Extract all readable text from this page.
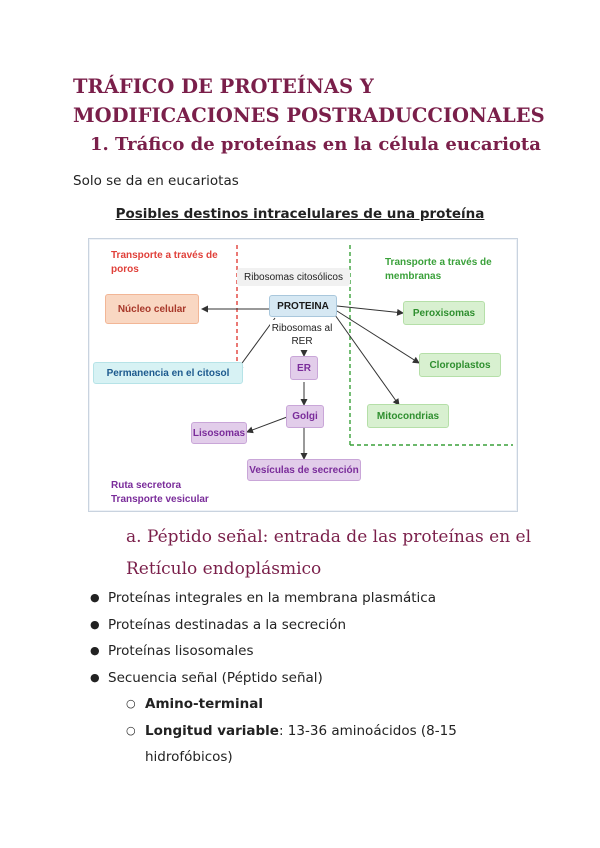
TRÁFICO DE PROTEÍNAS Y
MODIFICACIONES POSTRADUCCIONALES
1. Tráfico de proteínas en la célula eucariota

Solo se da en eucariotas

Posibles destinos intracelulares de una proteína
Transporte a través de poros
Transporte a través de membranas
Ribosomas citosólicos
PROTEINA
Ribosomas al RER
Núcleo celular
Permanencia en el citosol	ER
Golgi
Lisosomas
Vesículas de secreción
Peroxisomas
Cloroplastos
Mitocondrias
Ruta secretora
Transporte vesicular
a. Péptido señal: entrada de las proteínas en el
Retículo endoplásmico
● Proteínas integrales en la membrana plasmática
● Proteínas destinadas a la secreción
● Proteínas lisosomales
● Secuencia señal (Péptido señal)
○ Amino-terminal
○ Longitud variable: 13-36 aminoácidos (8-15
hidrofóbicos)
